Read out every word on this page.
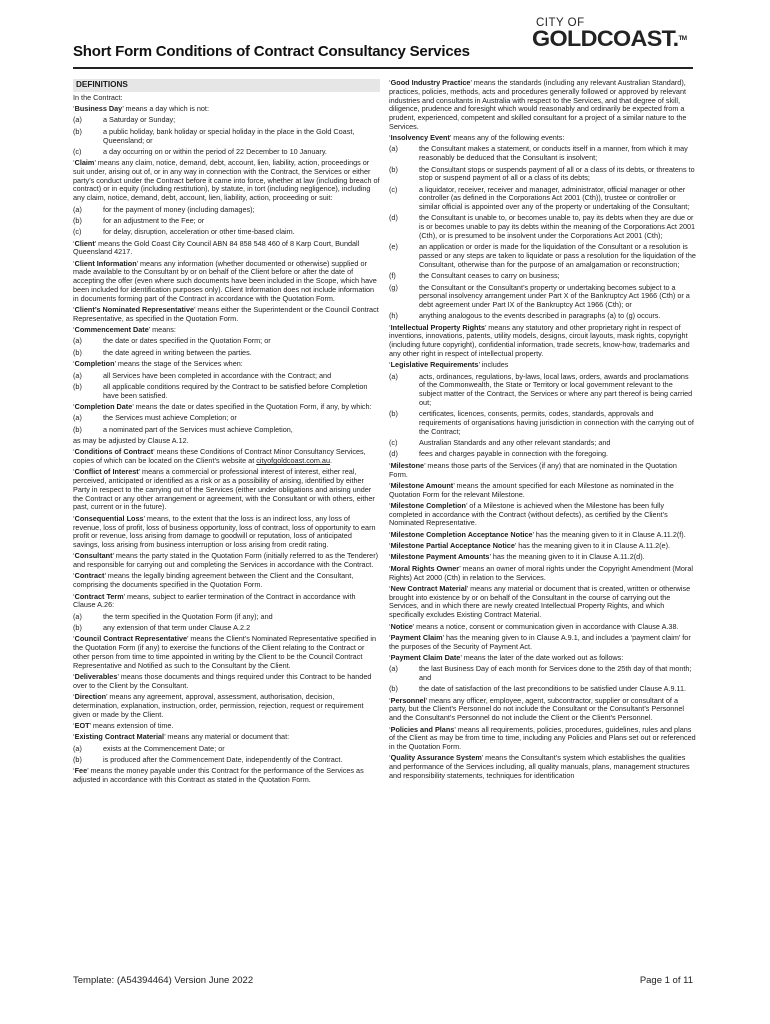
Short Form Conditions of Contract Consultancy Services
CITY OF
GOLDCOAST.™
DEFINITIONS
In the Contract:
‘Business Day’ means a day which is not:
(a)	a Saturday or Sunday;
(b)	a public holiday, bank holiday or special holiday in the place in the Gold Coast, Queensland; or
(c)	a day occurring on or within the period of 22 December to 10 January.
‘Claim’ means any claim, notice, demand, debt, account, lien, liability, action, proceedings or suit under, arising out of, or in any way in connection with the Contract, the Services or either party’s conduct under the Contract before it came into force, whether at law (including breach of contract) or in equity (including restitution), by statute, in tort (including negligence), including any claim, notice, demand, debt, account, lien, liability, action, proceeding or suit:
(a)	for the payment of money (including damages);
(b)	for an adjustment to the Fee; or
(c)	for delay, disruption, acceleration or other time-based claim.
‘Client’ means the Gold Coast City Council ABN 84 858 548 460 of 8 Karp Court, Bundall Queensland 4217.
‘Client Information’ means any information (whether documented or otherwise) supplied or made available to the Consultant by or on behalf of the Client before or after the date of accepting the offer (even where such documents have been included in the Scope, which have been included for identification purposes only). Client Information does not include information in documents forming part of the Contract in accordance with the Quotation Form.
‘Client’s Nominated Representative’ means either the Superintendent or the Council Contract Representative, as specified in the Quotation Form.
‘Commencement Date’ means:
(a)	the date or dates specified in the Quotation Form; or
(b)	the date agreed in writing between the parties.
‘Completion’ means the stage of the Services when:
(a)	all Services have been completed in accordance with the Contract; and
(b)	all applicable conditions required by the Contract to be satisfied before Completion have been satisfied.
‘Completion Date’ means the date or dates specified in the Quotation Form, if any, by which:
(a)	the Services must achieve Completion; or
(b)	a nominated part of the Services must achieve Completion,
as may be adjusted by Clause A.12.
‘Conditions of Contract’ means these Conditions of Contract Minor Consultancy Services, copies of which can be located on the Client’s website at cityofgoldcoast.com.au.
‘Conflict of Interest’ means a commercial or professional interest of interest, either real, perceived, anticipated or identified as a risk or as a possibility of arising, identified by either Party in respect to the carrying out of the Services (either under obligations and arising under the Contract or any other arrangement or agreement, with the Consultant or with others, either past, current or in the future).
‘Consequential Loss’ means, to the extent that the loss is an indirect loss, any loss of revenue, loss of profit, loss of business opportunity, loss of contract, loss of opportunity to earn profit or revenue, loss arising from damage to goodwill or reputation, loss of anticipated savings, loss arising from business interruption or loss arising from credit rating.
‘Consultant’ means the party stated in the Quotation Form (initially referred to as the Tenderer) and responsible for carrying out and completing the Services in accordance with the Contract.
‘Contract’ means the legally binding agreement between the Client and the Consultant, comprising the documents specified in the Quotation Form.
‘Contract Term’ means, subject to earlier termination of the Contract in accordance with Clause A.26:
(a)	the term specified in the Quotation Form (if any); and
(b)	any extension of that term under Clause A.2.2
‘Council Contract Representative’ means the Client’s Nominated Representative specified in the Quotation Form (if any) to exercise the functions of the Client relating to the Contract or other person from time to time appointed in writing by the Client to be the Council Contract Representative and Notified as such to the Consultant by the Client.
‘Deliverables’ means those documents and things required under this Contract to be handed over to the Client by the Consultant.
‘Direction’ means any agreement, approval, assessment, authorisation, decision, determination, explanation, instruction, order, permission, rejection, request or requirement given or made by the Client.
‘EOT’ means extension of time.
‘Existing Contract Material’ means any material or document that:
(a)	exists at the Commencement Date; or
(b)	is produced after the Commencement Date, independently of the Contract.
‘Fee’ means the money payable under this Contract for the performance of the Services as adjusted in accordance with this Contract as stated in the Quotation Form.
‘Good Industry Practice’ means the standards (including any relevant Australian Standard), practices, policies, methods, acts and procedures generally followed or approved by relevant industries and consultants in Australia with respect to the Services, and that degree of skill, diligence, prudence and foresight which would reasonably and ordinarily be expected from a prudent, experienced, competent and skilled consultant for a project of a similar nature to the Services.
‘Insolvency Event’ means any of the following events:
(a)	the Consultant makes a statement, or conducts itself in a manner, from which it may reasonably be deduced that the Consultant is insolvent;
(b)	the Consultant stops or suspends payment of all or a class of its debts, or threatens to stop or suspend payment of all or a class of its debts;
(c)	a liquidator, receiver, receiver and manager, administrator, official manager or other controller (as defined in the Corporations Act 2001 (Cth)), trustee or controller or similar official is appointed over any of the property or undertaking of the Consultant;
(d)	the Consultant is unable to, or becomes unable to, pay its debts when they are due or is or becomes unable to pay its debts within the meaning of the Corporations Act 2001 (Cth), or is presumed to be insolvent under the Corporations Act 2001 (Cth);
(e)	an application or order is made for the liquidation of the Consultant or a resolution is passed or any steps are taken to liquidate or pass a resolution for the liquidation of the Consultant, otherwise than for the purpose of an amalgamation or reconstruction;
(f)	the Consultant ceases to carry on business;
(g)	the Consultant or the Consultant’s property or undertaking becomes subject to a personal insolvency arrangement under Part X of the Bankruptcy Act 1966 (Cth) or a debt agreement under Part IX of the Bankruptcy Act 1966 (Cth); or
(h)	anything analogous to the events described in paragraphs (a) to (g) occurs.
‘Intellectual Property Rights’ means any statutory and other proprietary right in respect of inventions, innovations, patents, utility models, designs, circuit layouts, mask rights, copyright (including future copyright), confidential information, trade secrets, know-how, trademarks and any other right in respect of intellectual property.
‘Legislative Requirements’ includes
(a)	acts, ordinances, regulations, by-laws, local laws, orders, awards and proclamations of the Commonwealth, the State or Territory or local government relevant to the subject matter of the Contract, the Services or where any part thereof is being carried out;
(b)	certificates, licences, consents, permits, codes, standards, approvals and requirements of organisations having jurisdiction in connection with the carrying out of the Contract;
(c)	Australian Standards and any other relevant standards; and
(d)	fees and charges payable in connection with the foregoing.
‘Milestone’ means those parts of the Services (if any) that are nominated in the Quotation Form.
‘Milestone Amount’ means the amount specified for each Milestone as nominated in the Quotation Form for the relevant Milestone.
‘Milestone Completion’ of a Milestone is achieved when the Milestone has been fully completed in accordance with the Contract (without defects), as certified by the Client’s Nominated Representative.
‘Milestone Completion Acceptance Notice’ has the meaning given to it in Clause A.11.2(f).
‘Milestone Partial Acceptance Notice’ has the meaning given to it in Clause A.11.2(e).
‘Milestone Payment Amounts’ has the meaning given to it in Clause A.11.2(d).
‘Moral Rights Owner’ means an owner of moral rights under the Copyright Amendment (Moral Rights) Act 2000 (Cth) in relation to the Services.
‘New Contract Material’ means any material or document that is created, written or otherwise brought into existence by or on behalf of the Consultant in the course of carrying out the Services, and in which there are newly created Intellectual Property Rights, and which specifically excludes Existing Contract Material.
‘Notice’ means a notice, consent or communication given in accordance with Clause A.38.
‘Payment Claim’ has the meaning given to in Clause A.9.1, and includes a ‘payment claim’ for the purposes of the Security of Payment Act.
‘Payment Claim Date’ means the later of the date worked out as follows:
(a)	the last Business Day of each month for Services done to the 25th day of that month; and
(b)	the date of satisfaction of the last preconditions to be satisfied under Clause A.9.11.
‘Personnel’ means any officer, employee, agent, subcontractor, supplier or consultant of a party, but the Client’s Personnel do not include the Consultant or the Consultant’s Personnel and the Consultant’s Personnel do not include the Client or the Client’s Personnel.
‘Policies and Plans’ means all requirements, policies, procedures, guidelines, rules and plans of the Client as may be from time to time, including any Policies and Plans set out or referenced in the Quotation Form.
‘Quality Assurance System’ means the Consultant’s system which establishes the qualities and performance of the Services including, all quality manuals, plans, management structures and responsibility statements, techniques for identification
Template: (A54394464) Version June 2022	Page 1 of 11
